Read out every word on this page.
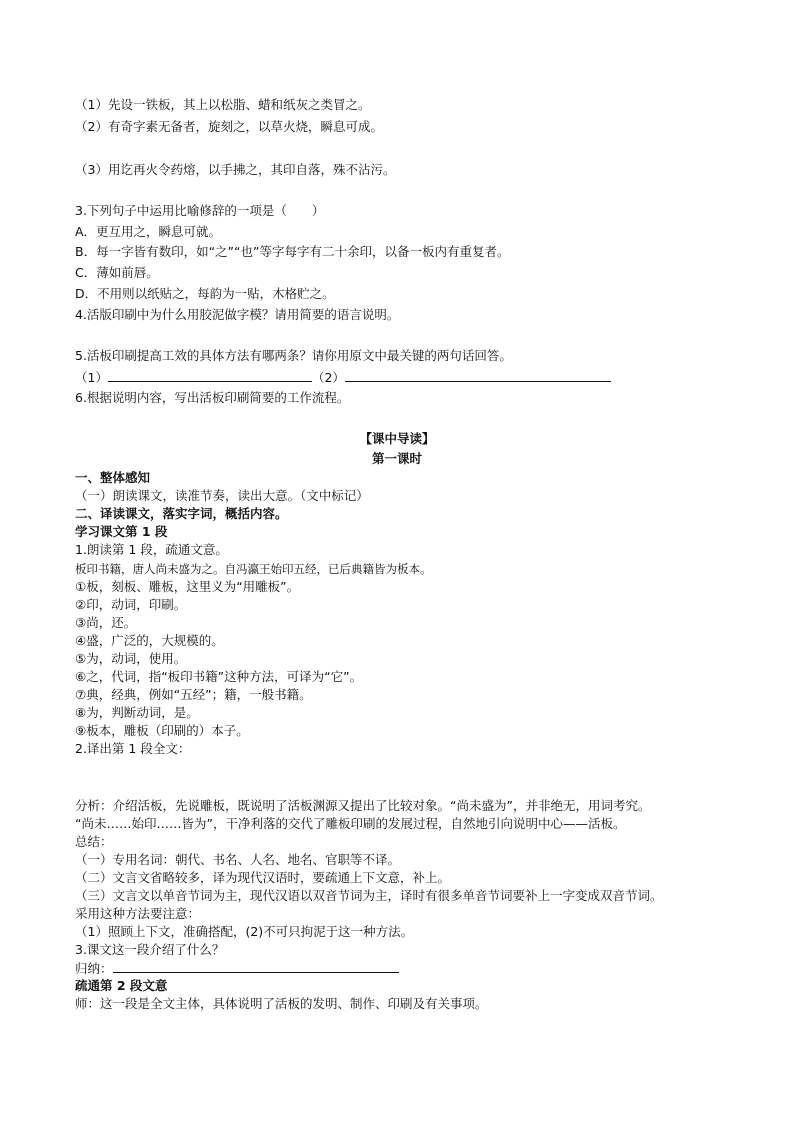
（1）先设一铁板，其上以松脂、蜡和纸灰之类冒之。
（2）有奇字素无备者，旋刻之，以草火烧，瞬息可成。
（3）用讫再火令药熔，以手拂之，其印自落，殊不沾污。
3.下列句子中运用比喻修辞的一项是（　　）
A．更互用之，瞬息可就。
B．每一字皆有数印，如“之”“也”等字每字有二十余印，以备一板内有重复者。
C．薄如前唇。
D．不用则以纸贴之，每韵为一贴，木格贮之。
4.活版印刷中为什么用胶泥做字模？请用简要的语言说明。
5.活板印刷提高工效的具体方法有哪两条？请你用原文中最关键的两句话回答。
（1）	（2）
6.根据说明内容，写出活板印刷简要的工作流程。
【课中导读】
第一课时
一、整体感知
（一）朗读课文，读准节奏，读出大意。（文中标记）
二、译读课文，落实字词，概括内容。
学习课文第 1 段
1.朗读第 1 段，疏通文意。
板印书籍，唐人尚未盛为之。自冯瀛王始印五经，已后典籍皆为板本。
①板，刻板、雕板，这里义为“用雕板”。
②印，动词，印刷。
③尚，还。
④盛，广泛的，大规模的。
⑤为，动词，使用。
⑥之，代词，指“板印书籍”这种方法，可译为“它”。
⑦典，经典，例如“五经”；籍，一般书籍。
⑧为，判断动词，是。
⑨板本，雕板（印刷的）本子。
2.译出第 1 段全文：
分析：介绍活板，先说雕板，既说明了活板渊源又提出了比较对象。“尚未盛为”，并非绝无，用词考究。
“尚未……始印……皆为”，干净利落的交代了雕板印刷的发展过程，自然地引向说明中心——活板。
总结：
（一）专用名词：朝代、书名、人名、地名、官职等不译。
（二）文言文省略较多，译为现代汉语时，要疏通上下文意，补上。
（三）文言文以单音节词为主，现代汉语以双音节词为主，译时有很多单音节词要补上一字变成双音节词。
采用这种方法要注意：
（1）照顾上下文，准确搭配，(2)不可只拘泥于这一种方法。
3.课文这一段介绍了什么？
归纳：
疏通第 2 段文意
师：这一段是全文主体，具体说明了活板的发明、制作、印刷及有关事项。
